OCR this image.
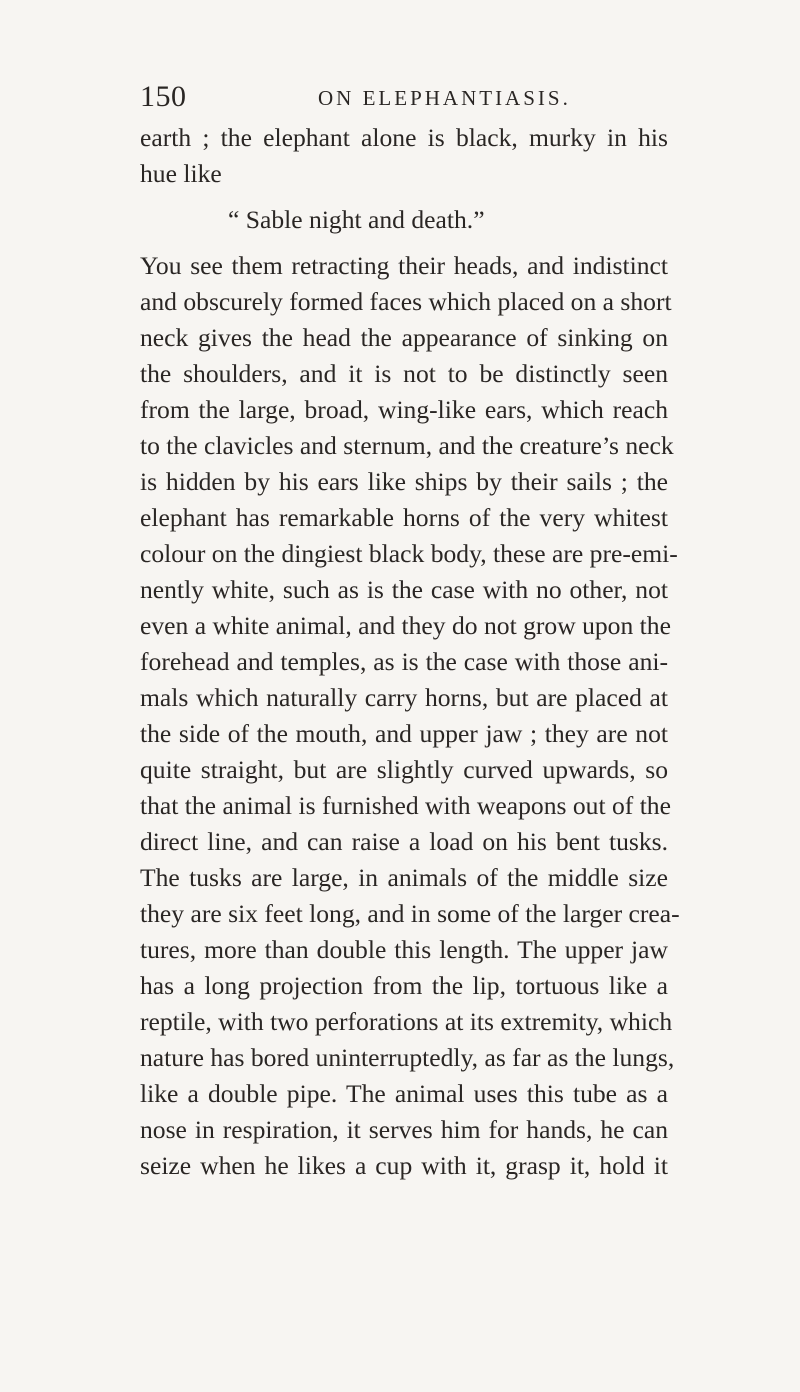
150	ON ELEPHANTIASIS.
earth ; the elephant alone is black, murky in his
hue like
“ Sable night and death.”
You see them retracting their heads, and indistinct
and obscurely formed faces which placed on a short
neck gives the head the appearance of sinking on
the shoulders, and it is not to be distinctly seen
from the large, broad, wing-like ears, which reach
to the clavicles and sternum, and the creature’s neck
is hidden by his ears like ships by their sails ; the
elephant has remarkable horns of the very whitest
colour on the dingiest black body, these are pre-emi-
nently white, such as is the case with no other, not
even a white animal, and they do not grow upon the
forehead and temples, as is the case with those ani-
mals which naturally carry horns, but are placed at
the side of the mouth, and upper jaw ; they are not
quite straight, but are slightly curved upwards, so
that the animal is furnished with weapons out of the
direct line, and can raise a load on his bent tusks.
The tusks are large, in animals of the middle size
they are six feet long, and in some of the larger crea-
tures, more than double this length. The upper jaw
has a long projection from the lip, tortuous like a
reptile, with two perforations at its extremity, which
nature has bored uninterruptedly, as far as the lungs,
like a double pipe. The animal uses this tube as a
nose in respiration, it serves him for hands, he can
seize when he likes a cup with it, grasp it, hold it
